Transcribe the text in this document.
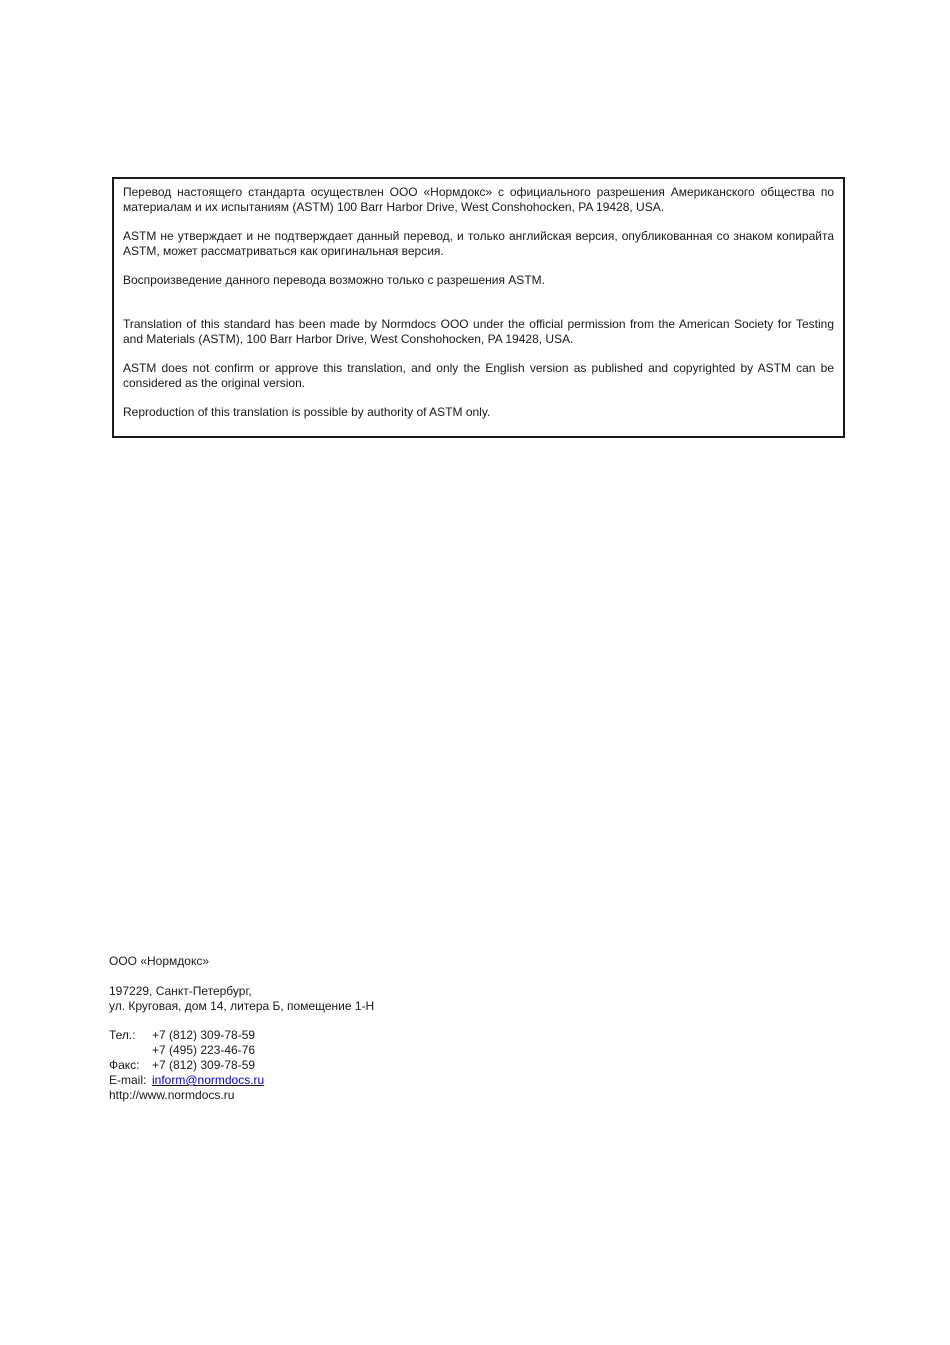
Перевод настоящего стандарта осуществлен ООО «Нормдокс» с официального разрешения Американского общества по материалам и их испытаниям (ASTM) 100 Barr Harbor Drive, West Conshohocken, PA 19428, USA.

ASTM не утверждает и не подтверждает данный перевод, и только английская версия, опубликованная со знаком копирайта ASTM, может рассматриваться как оригинальная версия.

Воспроизведение данного перевода возможно только с разрешения ASTM.

Translation of this standard has been made by Normdocs OOO under the official permission from the American Society for Testing and Materials (ASTM), 100 Barr Harbor Drive, West Conshohocken, PA 19428, USA.

ASTM does not confirm or approve this translation, and only the English version as published and copyrighted by ASTM can be considered as the original version.

Reproduction of this translation is possible by authority of ASTM only.

ООО «Нормдокс»
197229, Санкт-Петербург,
ул. Круговая, дом 14, литера Б, помещение 1-Н
Тел.: +7 (812) 309-78-59
+7 (495) 223-46-76
Факс: +7 (812) 309-78-59
E-mail: inform@normdocs.ru
http://www.normdocs.ru
